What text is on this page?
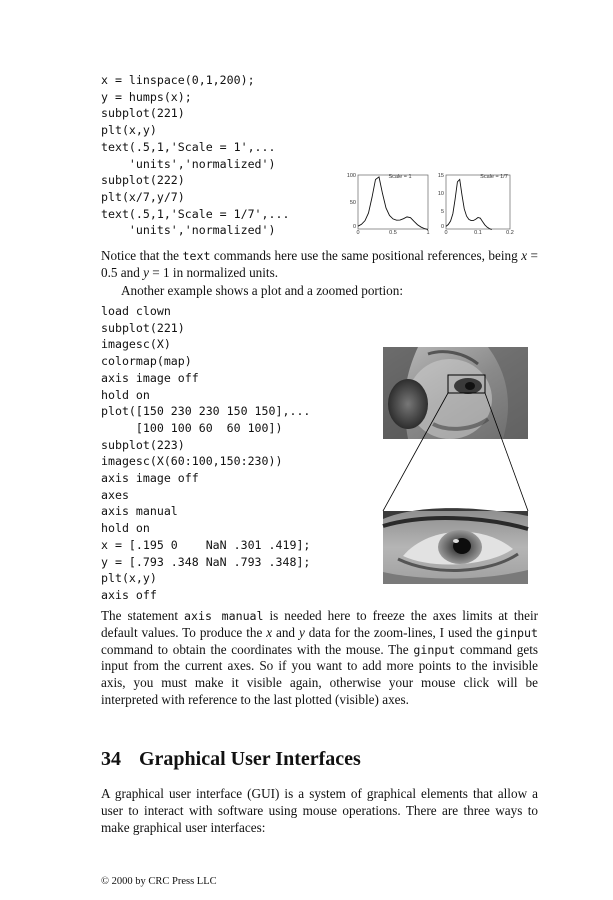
x = linspace(0,1,200);
y = humps(x);
subplot(221)
plt(x,y)
text(.5,1,'Scale = 1',...
'units','normalized')
subplot(222)
plt(x/7,y/7)
text(.5,1,'Scale = 1/7',...
'units','normalized')
Scale = 1
100
50
0
0	0.5	1
Scale = 1/7
15
10
5
0
0	0.1	0.2

Notice that the text commands here use the same positional references, being x = 0.5 and y = 1 in normalized units.

Another example shows a plot and a zoomed portion:

load clown
subplot(221)
imagesc(X)
colormap(map)
axis image off
hold on
plot([150 230 230 150 150],...
[100 100 60  60 100])
subplot(223)
imagesc(X(60:100,150:230))
axis image off
axes
axis manual
hold on
x = [.195 0    NaN .301 .419];
y = [.793 .348 NaN .793 .348];
plt(x,y)
axis off

The statement axis manual is needed here to freeze the axes limits at their default values. To produce the x and y data for the zoom-lines, I used the ginput command to obtain the coordinates with the mouse. The ginput command gets input from the current axes. So if you want to add more points to the invisible axis, you must make it visible again, otherwise your mouse click will be interpreted with reference to the last plotted (visible) axes.

34 Graphical User Interfaces

A graphical user interface (GUI) is a system of graphical elements that allow a user to interact with software using mouse operations. There are three ways to make graphical user interfaces:

© 2000 by CRC Press LLC
